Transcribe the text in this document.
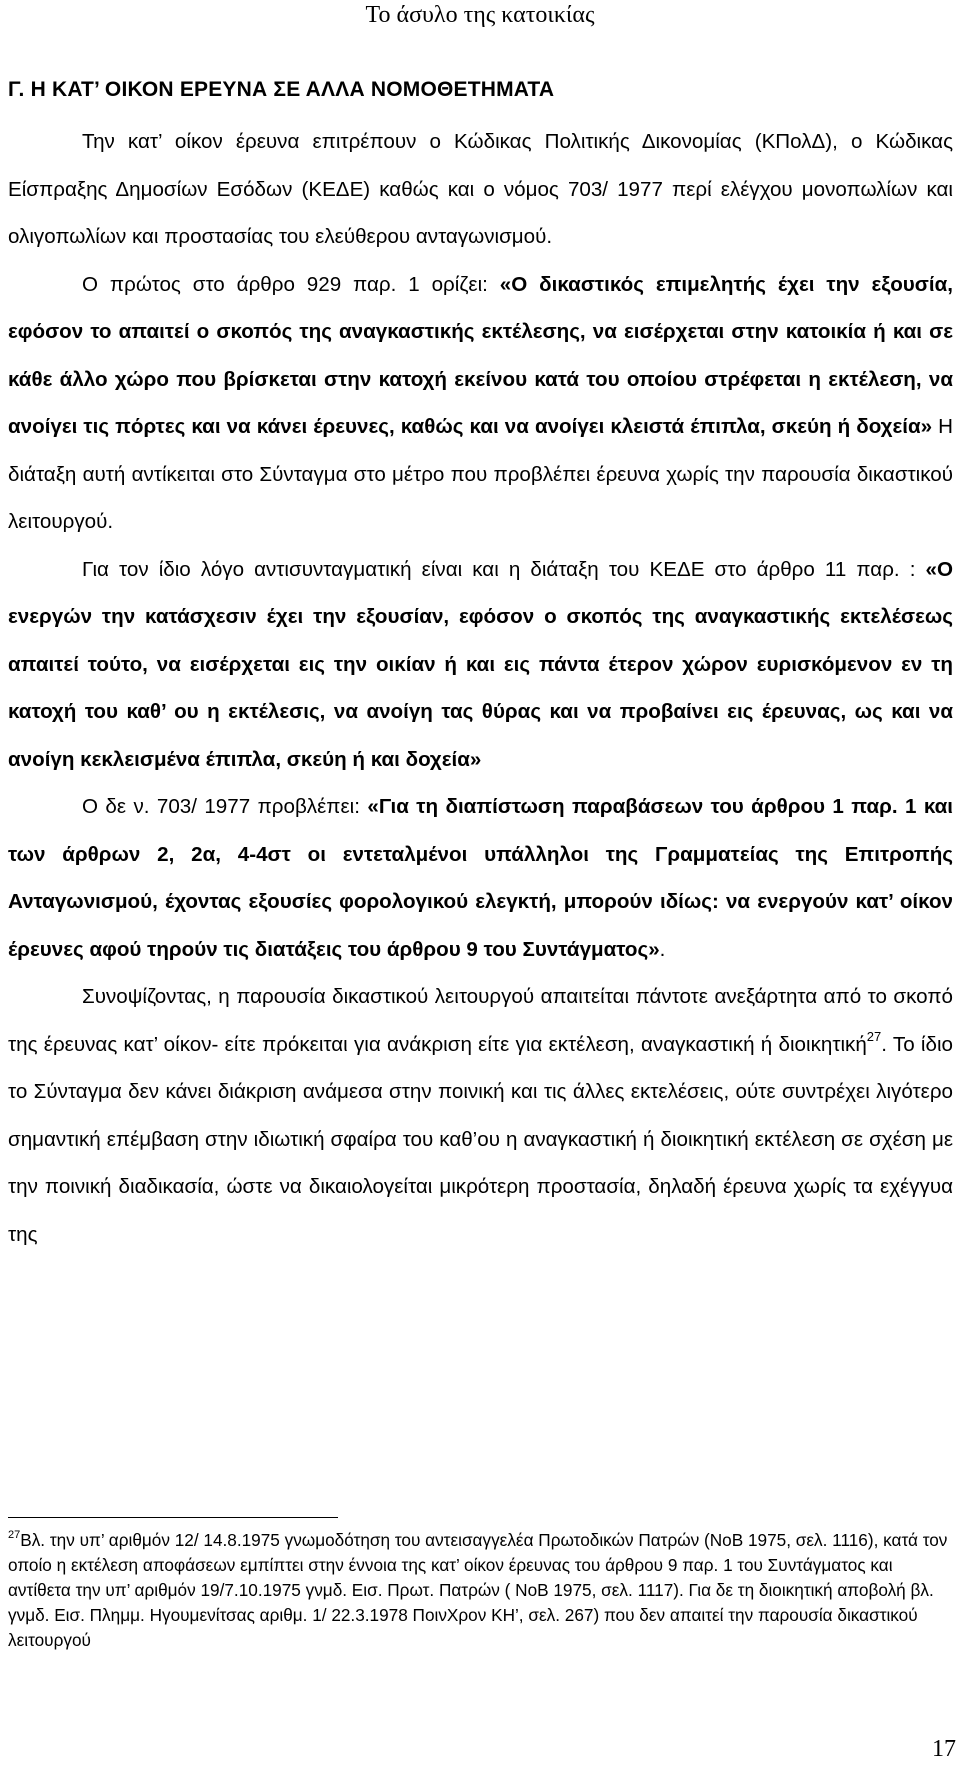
Το άσυλο της κατοικίας
Γ. Η ΚΑΤ’ ΟΙΚΟΝ ΕΡΕΥΝΑ ΣΕ ΑΛΛΑ ΝΟΜΟΘΕΤΗΜΑΤΑ

Την κατ’ οίκον έρευνα επιτρέπουν ο Κώδικας Πολιτικής Δικονομίας (ΚΠολΔ), ο Κώδικας Είσπραξης Δημοσίων Εσόδων (ΚΕΔΕ) καθώς και ο νόμος 703/ 1977 περί ελέγχου μονοπωλίων και ολιγοπωλίων και προστασίας του ελεύθερου ανταγωνισμού.

Ο πρώτος στο άρθρο 929 παρ. 1 ορίζει: «Ο δικαστικός επιμελητής έχει την εξουσία, εφόσον το απαιτεί ο σκοπός της αναγκαστικής εκτέλεσης, να εισέρχεται στην κατοικία ή και σε κάθε άλλο χώρο που βρίσκεται στην κατοχή εκείνου κατά του οποίου στρέφεται η εκτέλεση, να ανοίγει τις πόρτες και να κάνει έρευνες, καθώς και να ανοίγει κλειστά έπιπλα, σκεύη ή δοχεία» Η διάταξη αυτή αντίκειται στο Σύνταγμα στο μέτρο που προβλέπει έρευνα χωρίς την παρουσία δικαστικού λειτουργού.

Για τον ίδιο λόγο αντισυνταγματική είναι και η διάταξη του ΚΕΔΕ στο άρθρο 11 παρ. : «Ο ενεργών την κατάσχεσιν έχει την εξουσίαν, εφόσον ο σκοπός της αναγκαστικής εκτελέσεως απαιτεί τούτο, να εισέρχεται εις την οικίαν ή και εις πάντα έτερον χώρον ευρισκόμενον εν τη κατοχή του καθ’ ου η εκτέλεσις, να ανοίγη τας θύρας και να προβαίνει εις έρευνας, ως και να ανοίγη κεκλεισμένα έπιπλα, σκεύη ή και δοχεία»

Ο δε ν. 703/ 1977 προβλέπει: «Για τη διαπίστωση παραβάσεων του άρθρου 1 παρ. 1 και των άρθρων 2, 2α, 4-4στ οι εντεταλμένοι υπάλληλοι της Γραμματείας της Επιτροπής Ανταγωνισμού, έχοντας εξουσίες φορολογικού ελεγκτή, μπορούν ιδίως: να ενεργούν κατ’ οίκον έρευνες αφού τηρούν τις διατάξεις του άρθρου 9 του Συντάγματος».

Συνοψίζοντας, η παρουσία δικαστικού λειτουργού απαιτείται πάντοτε ανεξάρτητα από το σκοπό της έρευνας κατ’ οίκον- είτε πρόκειται για ανάκριση είτε για εκτέλεση, αναγκαστική ή διοικητική$^{27}$. Το ίδιο το Σύνταγμα δεν κάνει διάκριση ανάμεσα στην ποινική και τις άλλες εκτελέσεις, ούτε συντρέχει λιγότερο σημαντική επέμβαση στην ιδιωτική σφαίρα του καθ’ου η αναγκαστική ή διοικητική εκτέλεση σε σχέση με την ποινική διαδικασία, ώστε να δικαιολογείται μικρότερη προστασία, δηλαδή έρευνα χωρίς τα εχέγγυα της

$^{27}$Βλ. την υπ’ αριθμόν 12/ 14.8.1975 γνωμοδότηση του αντεισαγγελέα Πρωτοδικών Πατρών (ΝοΒ 1975, σελ. 1116), κατά τον οποίο η εκτέλεση αποφάσεων εμπίπτει στην έννοια της κατ’ οίκον έρευνας του άρθρου 9 παρ. 1 του Συντάγματος και αντίθετα την υπ’ αριθμόν 19/7.10.1975 γνμδ. Εισ. Πρωτ. Πατρών ( ΝοΒ 1975, σελ. 1117). Για δε τη διοικητική αποβολή βλ. γνμδ. Εισ. Πλημμ. Ηγουμενίτσας αριθμ. 1/ 22.3.1978 ΠοινΧρον ΚΗ’, σελ. 267) που δεν απαιτεί την παρουσία δικαστικού λειτουργού

17
